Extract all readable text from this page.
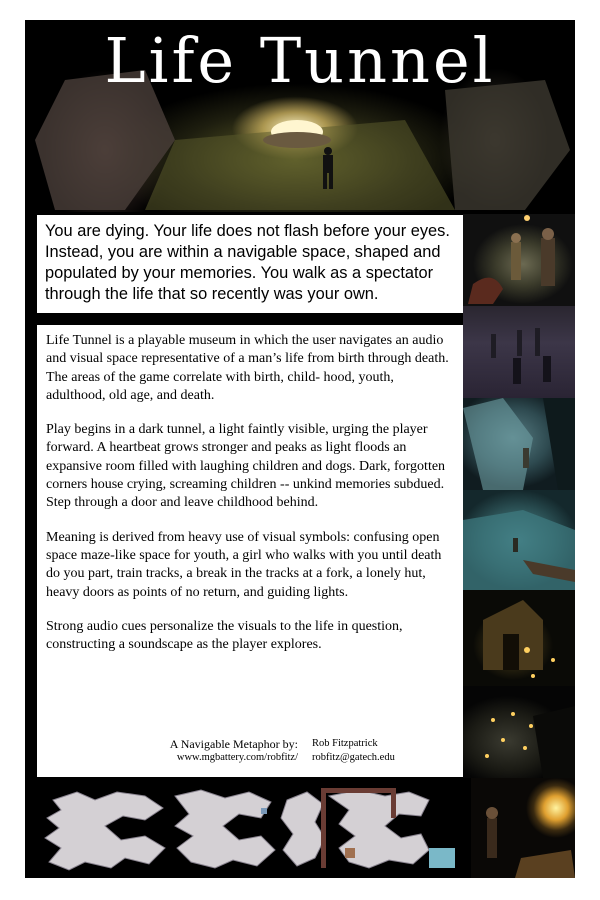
Life Tunnel
You are dying. Your life does not flash before your eyes. Instead, you are within a navigable space, shaped and populated by your memories. You walk as a spectator through the life that so recently was your own.

Life Tunnel is a playable museum in which the user navigates an audio and visual space representative of a man’s life from birth through death. The areas of the game correlate with birth, child- hood, youth, adulthood, old age, and death.

Play begins in a dark tunnel, a light faintly visible, urging the player forward. A heartbeat grows stronger and peaks as light floods an expansive room filled with laughing children and dogs. Dark, forgotten corners house crying, screaming children -- unkind memories subdued. Step through a door and leave childhood behind.

Meaning is derived from heavy use of visual symbols: confusing open space maze-like space for youth, a girl who walks with you until death do you part, train tracks, a break in the tracks at a fork, a lonely hut, heavy doors as points of no return, and guiding lights.

Strong audio cues personalize the visuals to the life in question, constructing a soundscape as the player explores.

A Navigable Metaphor by:	Rob Fitzpatrick
www.mgbattery.com/robfitz/	robfitz@gatech.edu
